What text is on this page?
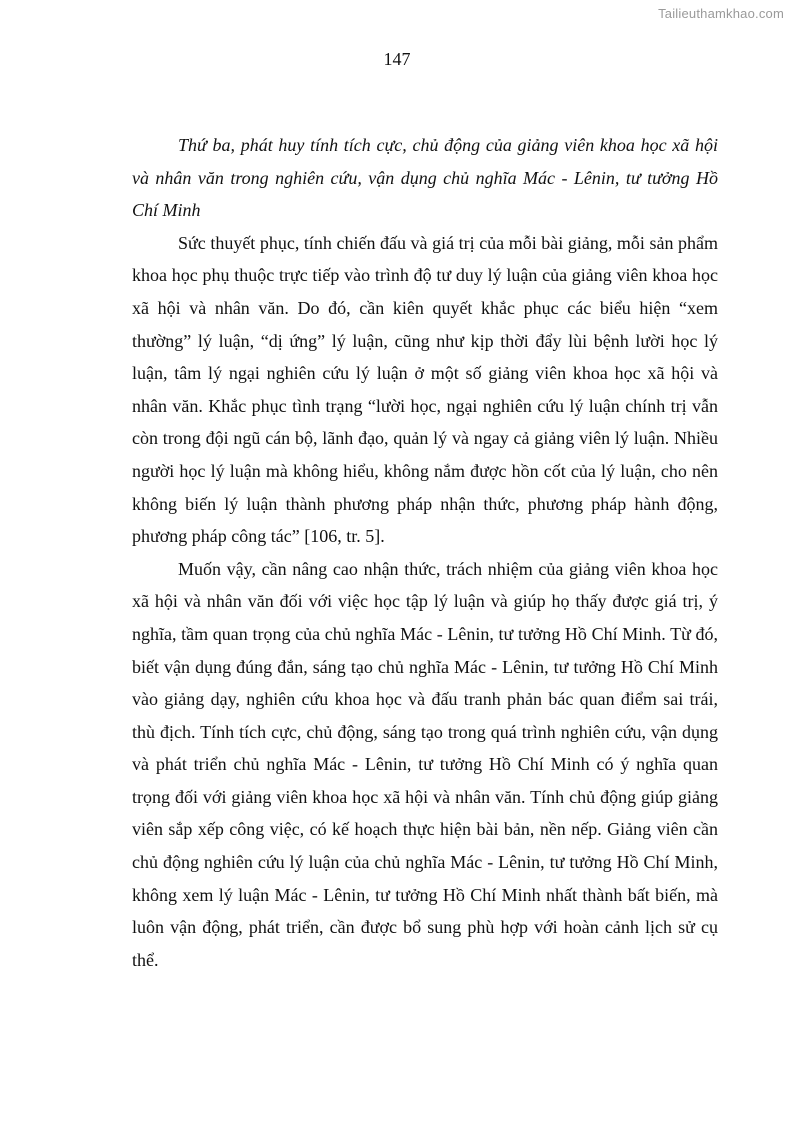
Tailieuthamkhao.com
147

Thứ ba, phát huy tính tích cực, chủ động của giảng viên khoa học xã hội và nhân văn trong nghiên cứu, vận dụng chủ nghĩa Mác - Lênin, tư tưởng Hồ Chí Minh

Sức thuyết phục, tính chiến đấu và giá trị của mỗi bài giảng, mỗi sản phẩm khoa học phụ thuộc trực tiếp vào trình độ tư duy lý luận của giảng viên khoa học xã hội và nhân văn. Do đó, cần kiên quyết khắc phục các biểu hiện “xem thường” lý luận, “dị ứng” lý luận, cũng như kịp thời đẩy lùi bệnh lười học lý luận, tâm lý ngại nghiên cứu lý luận ở một số giảng viên khoa học xã hội và nhân văn. Khắc phục tình trạng “lười học, ngại nghiên cứu lý luận chính trị vẫn còn trong đội ngũ cán bộ, lãnh đạo, quản lý và ngay cả giảng viên lý luận. Nhiều người học lý luận mà không hiểu, không nắm được hồn cốt của lý luận, cho nên không biến lý luận thành phương pháp nhận thức, phương pháp hành động, phương pháp công tác” [106, tr. 5].

Muốn vậy, cần nâng cao nhận thức, trách nhiệm của giảng viên khoa học xã hội và nhân văn đối với việc học tập lý luận và giúp họ thấy được giá trị, ý nghĩa, tầm quan trọng của chủ nghĩa Mác - Lênin, tư tưởng Hồ Chí Minh. Từ đó, biết vận dụng đúng đắn, sáng tạo chủ nghĩa Mác - Lênin, tư tưởng Hồ Chí Minh vào giảng dạy, nghiên cứu khoa học và đấu tranh phản bác quan điểm sai trái, thù địch. Tính tích cực, chủ động, sáng tạo trong quá trình nghiên cứu, vận dụng và phát triển chủ nghĩa Mác - Lênin, tư tưởng Hồ Chí Minh có ý nghĩa quan trọng đối với giảng viên khoa học xã hội và nhân văn. Tính chủ động giúp giảng viên sắp xếp công việc, có kế hoạch thực hiện bài bản, nền nếp. Giảng viên cần chủ động nghiên cứu lý luận của chủ nghĩa Mác - Lênin, tư tưởng Hồ Chí Minh, không xem lý luận Mác - Lênin, tư tưởng Hồ Chí Minh nhất thành bất biến, mà luôn vận động, phát triển, cần được bổ sung phù hợp với hoàn cảnh lịch sử cụ thể.
